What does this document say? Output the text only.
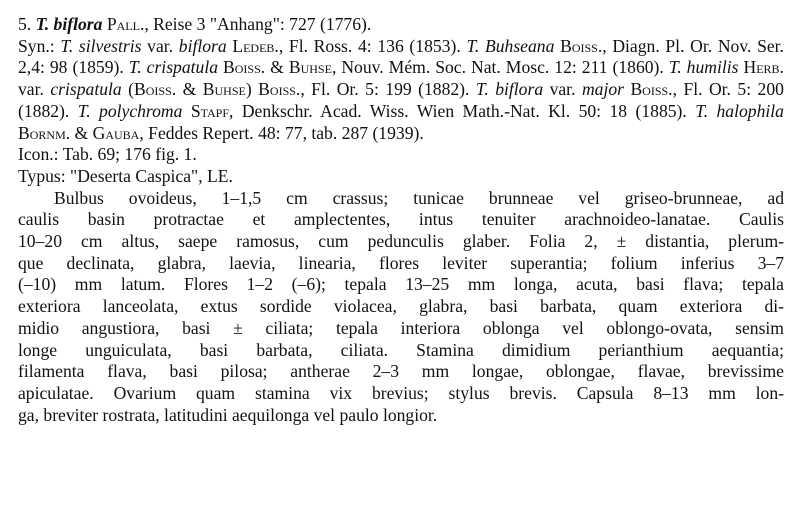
5. T. biflora Pall., Reise 3 "Anhang": 727 (1776).

Syn.: T. silvestris var. biflora Ledeb., Fl. Ross. 4: 136 (1853). T. Buhseana Boiss., Diagn. Pl. Or. Nov. Ser. 2,4: 98 (1859). T. crispatula Boiss. & Buhse, Nouv. Mém. Soc. Nat. Mosc. 12: 211 (1860). T. humilis Herb. var. crispatula (Boiss. & Buhse) Boiss., Fl. Or. 5: 199 (1882). T. biflora var. major Boiss., Fl. Or. 5: 200 (1882). T. polychroma Stapf, Denkschr. Acad. Wiss. Wien Math.-Nat. Kl. 50: 18 (1885). T. halophila Bornm. & Gauba, Feddes Repert. 48: 77, tab. 287 (1939).

Icon.: Tab. 69; 176 fig. 1.

Typus: "Deserta Caspica", LE.

Bulbus ovoideus, 1–1,5 cm crassus; tunicae brunneae vel griseo-brunneae, ad

caulis basin protractae et amplectentes, intus tenuiter arachnoideo-lanatae. Caulis

10–20 cm altus, saepe ramosus, cum pedunculis glaber. Folia 2, ± distantia, plerum-

que declinata, glabra, laevia, linearia, flores leviter superantia; folium inferius 3–7

(–10) mm latum. Flores 1–2 (–6); tepala 13–25 mm longa, acuta, basi flava; tepala

exteriora lanceolata, extus sordide violacea, glabra, basi barbata, quam exteriora di-

midio angustiora, basi ± ciliata; tepala interiora oblonga vel oblongo-ovata, sensim

longe unguiculata, basi barbata, ciliata. Stamina dimidium perianthium aequantia;

filamenta flava, basi pilosa; antherae 2–3 mm longae, oblongae, flavae, brevissime

apiculatae. Ovarium quam stamina vix brevius; stylus brevis. Capsula 8–13 mm lon-

ga, breviter rostrata, latitudini aequilonga vel paulo longior.
